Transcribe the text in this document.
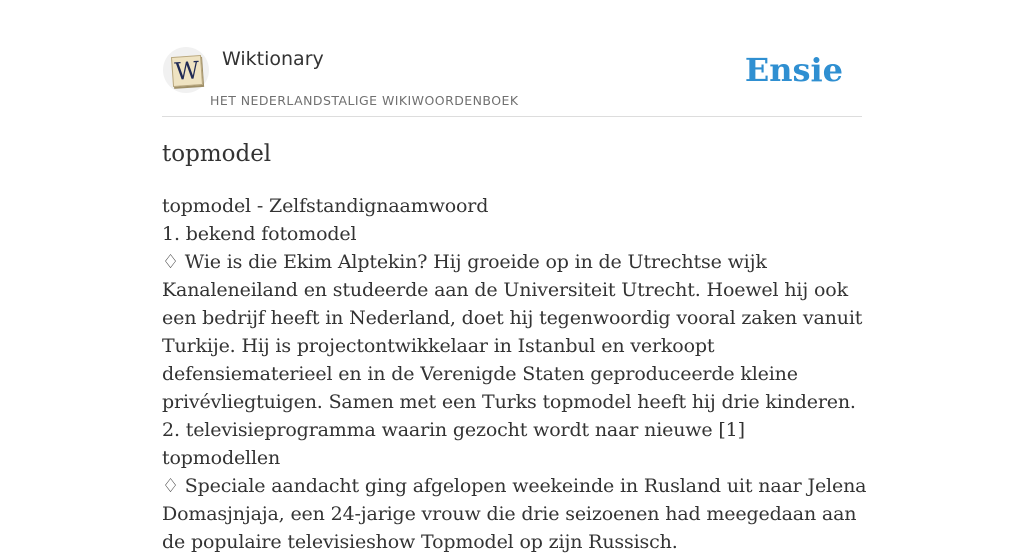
W Wiktionary
HET NEDERLANDSTALIGE WIKIWOORDENBOEK
Ensie
topmodel
topmodel - Zelfstandignaamwoord
1. bekend fotomodel
♢ Wie is die Ekim Alptekin? Hij groeide op in de Utrechtse wijk Kanaleneiland en studeerde aan de Universiteit Utrecht. Hoewel hij ook een bedrijf heeft in Nederland, doet hij tegenwoordig vooral zaken vanuit Turkije. Hij is projectontwikkelaar in Istanbul en verkoopt defensiematerieel en in de Verenigde Staten geproduceerde kleine privévliegtuigen. Samen met een Turks topmodel heeft hij drie kinderen.
2. televisieprogramma waarin gezocht wordt naar nieuwe [1] topmodellen
♢ Speciale aandacht ging afgelopen weekeinde in Rusland uit naar Jelena Domasjnjaja, een 24-jarige vrouw die drie seizoenen had meegedaan aan de populaire televisieshow Topmodel op zijn Russisch.
